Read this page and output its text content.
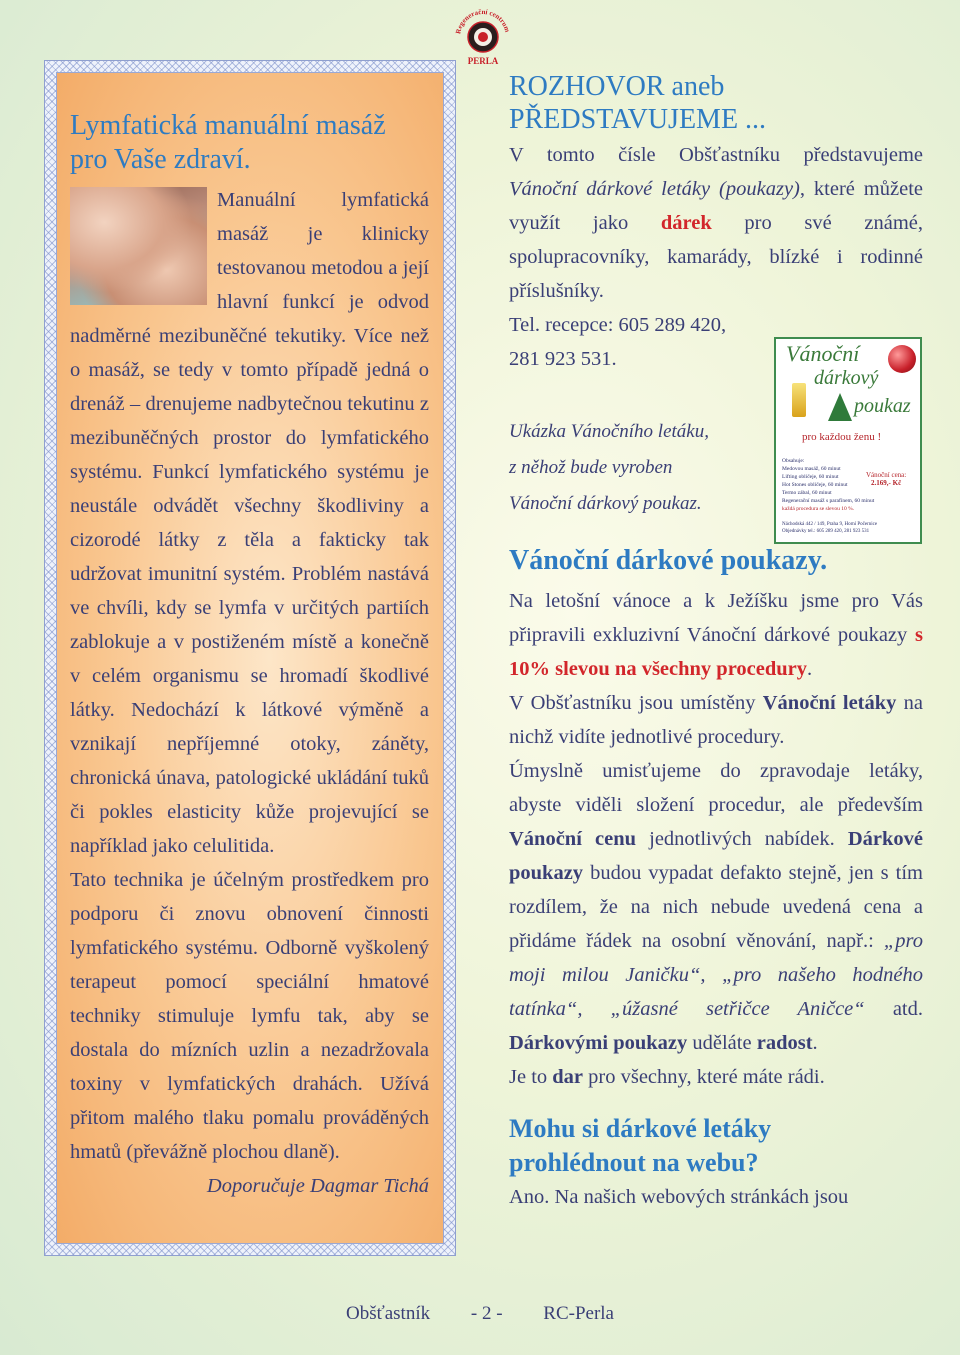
Regenerační centrum
PERLA
Lymfatická manuální masáž pro Vaše zdraví.

Manuální lymfatická masáž je klinicky testovanou metodou a její hlavní funkcí je odvod nadměrné mezibuněčné tekutiky. Více než o masáž, se tedy v tomto případě jedná o drenáž – drenujeme nadbytečnou tekutinu z mezibuněčných prostor do lymfatického systému. Funkcí lymfatického systému je neustále odvádět všechny škodliviny a cizorodé látky z těla a fakticky tak udržovat imunitní systém. Problém nastává ve chvíli, kdy se lymfa v určitých partiích zablokuje a v postiženém místě a konečně v celém organismu se hromadí škodlivé látky. Nedochází k látkové výměně a vznikají nepříjemné otoky, záněty, chronická únava, patologické ukládání tuků či pokles elasticity kůže projevující se například jako celulitida.

Tato technika je účelným prostředkem pro podporu či znovu obnovení činnosti lymfatického systému. Odborně vyškolený terapeut pomocí speciální hmatové techniky stimuluje lymfu tak, aby se dostala do mízních uzlin a nezadržovala toxiny v lymfatických drahách. Užívá přitom malého tlaku pomalu prováděných hmatů (převážně plochou dlaně).

Doporučuje Dagmar Tichá

ROZHOVOR aneb
PŘEDSTAVUJEME ...

V tomto čísle Obšťastníku představujeme Vánoční dárkové letáky (poukazy), které můžete využít jako dárek pro své známé, spolupracovníky, kamarády, blízké i rodinné příslušníky.

Tel. recepce: 605 289 420,
281 923 531.

Ukázka Vánočního letáku,
z něhož bude vyroben
Vánoční dárkový poukaz.
Vánoční dárkové poukazy.

Na letošní vánoce a k Ježíšku jsme pro Vás připravili exkluzivní Vánoční dárkové poukazy s 10% slevou na všechny procedury.

V Obšťastníku jsou umístěny Vánoční letáky na nichž vidíte jednotlivé procedury.

Úmyslně umisťujeme do zpravodaje letáky, abyste viděli složení procedur, ale především Vánoční cenu jednotlivých nabídek. Dárkové poukazy budou vypadat defakto stejně, jen s tím rozdílem, že na nich nebude uvedená cena a přidáme řádek na osobní věnování, např.: „pro moji milou Janičku“, „pro našeho hodného tatínka“, „úžasné setřičce Aničce“ atd. Dárkovými poukazy uděláte radost.

Je to dar pro všechny, které máte rádi.

Mohu si dárkové letáky
prohlédnout na webu?

Ano. Na našich webových stránkách jsou

Vánoční
dárkový
poukaz
pro každou ženu !
Obsahuje:
Medovou masáž, 60 minut
Lifting obličeje, 60 minut
Hot Stones obličeje, 60 minut
Termo zábal, 60 minut
Regenerační masáž s parafínem, 60 minut
každá procedura se slevou 10 %.
Vánoční cena:
2.169,- Kč
Náchodská 442 / 149, Praha 9, Horní Počernice
Objednávky tel.: 605 289 420, 281 923 531
Obšťastník - 2 - RC-Perla
